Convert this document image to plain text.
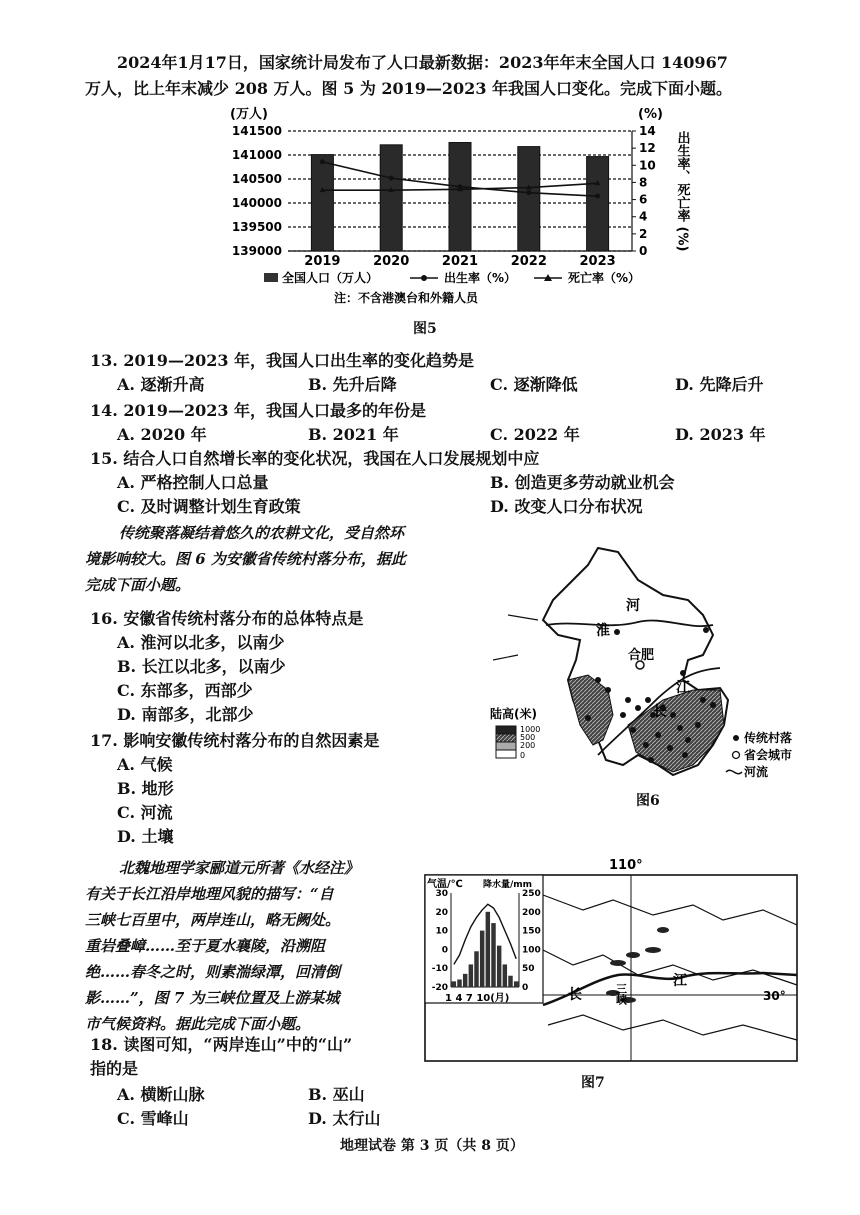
2024年1月17日，国家统计局发布了人口最新数据：2023年年末全国人口 140967
万人，比上年末减少 208 万人。图 5 为 2019—2023 年我国人口变化。完成下面小题。
(万人)	(%)
141500
141000
140500
140000
139500
139000
14
12
10
8
6
4
2
0
2019	2020	2021	2022	2023
出生率、死亡率 (%)
全国人口（万人）	出生率（%）	死亡率（%）
注：不含港澳台和外籍人员
图5
13. 2019—2023 年，我国人口出生率的变化趋势是
A. 逐渐升高	B. 先升后降	C. 逐渐降低	D. 先降后升
14. 2019—2023 年，我国人口最多的年份是
A. 2020 年	B. 2021 年	C. 2022 年	D. 2023 年
15. 结合人口自然增长率的变化状况，我国在人口发展规划中应
A. 严格控制人口总量	B. 创造更多劳动就业机会
C. 及时调整计划生育政策	D. 改变人口分布状况
传统聚落凝结着悠久的农耕文化，受自然环
境影响较大。图 6 为安徽省传统村落分布，据此
完成下面小题。
16. 安徽省传统村落分布的总体特点是
A. 淮河以北多，以南少
B. 长江以北多，以南少
C. 东部多，西部少
D. 南部多，北部少
17. 影响安徽传统村落分布的自然因素是
A. 气候
B. 地形
C. 河流
D. 土壤
合肥
河
淮
长
江
陆高(米)
1000
500
200
0
传统村落
省会城市
河流
图6
北魏地理学家郦道元所著《水经注》
有关于长江沿岸地理风貌的描写：“自
三峡七百里中，两岸连山，略无阙处。
重岩叠嶂……至于夏水襄陵，沿溯阻
绝……春冬之时，则素湍绿潭，回清倒
影……”，图 7 为三峡位置及上游某城
市气候资料。据此完成下面小题。
18. 读图可知，“两岸连山”中的“山”
指的是
A. 横断山脉	B. 巫山
C. 雪峰山	D. 太行山
110°
长
江
三峡	30°
气温/℃ 降水量/mm
30
20
10
0
-10
-20
250
200
150
100
50
0
1 4 7 10(月)
图7
地理试卷 第 3 页（共 8 页）
